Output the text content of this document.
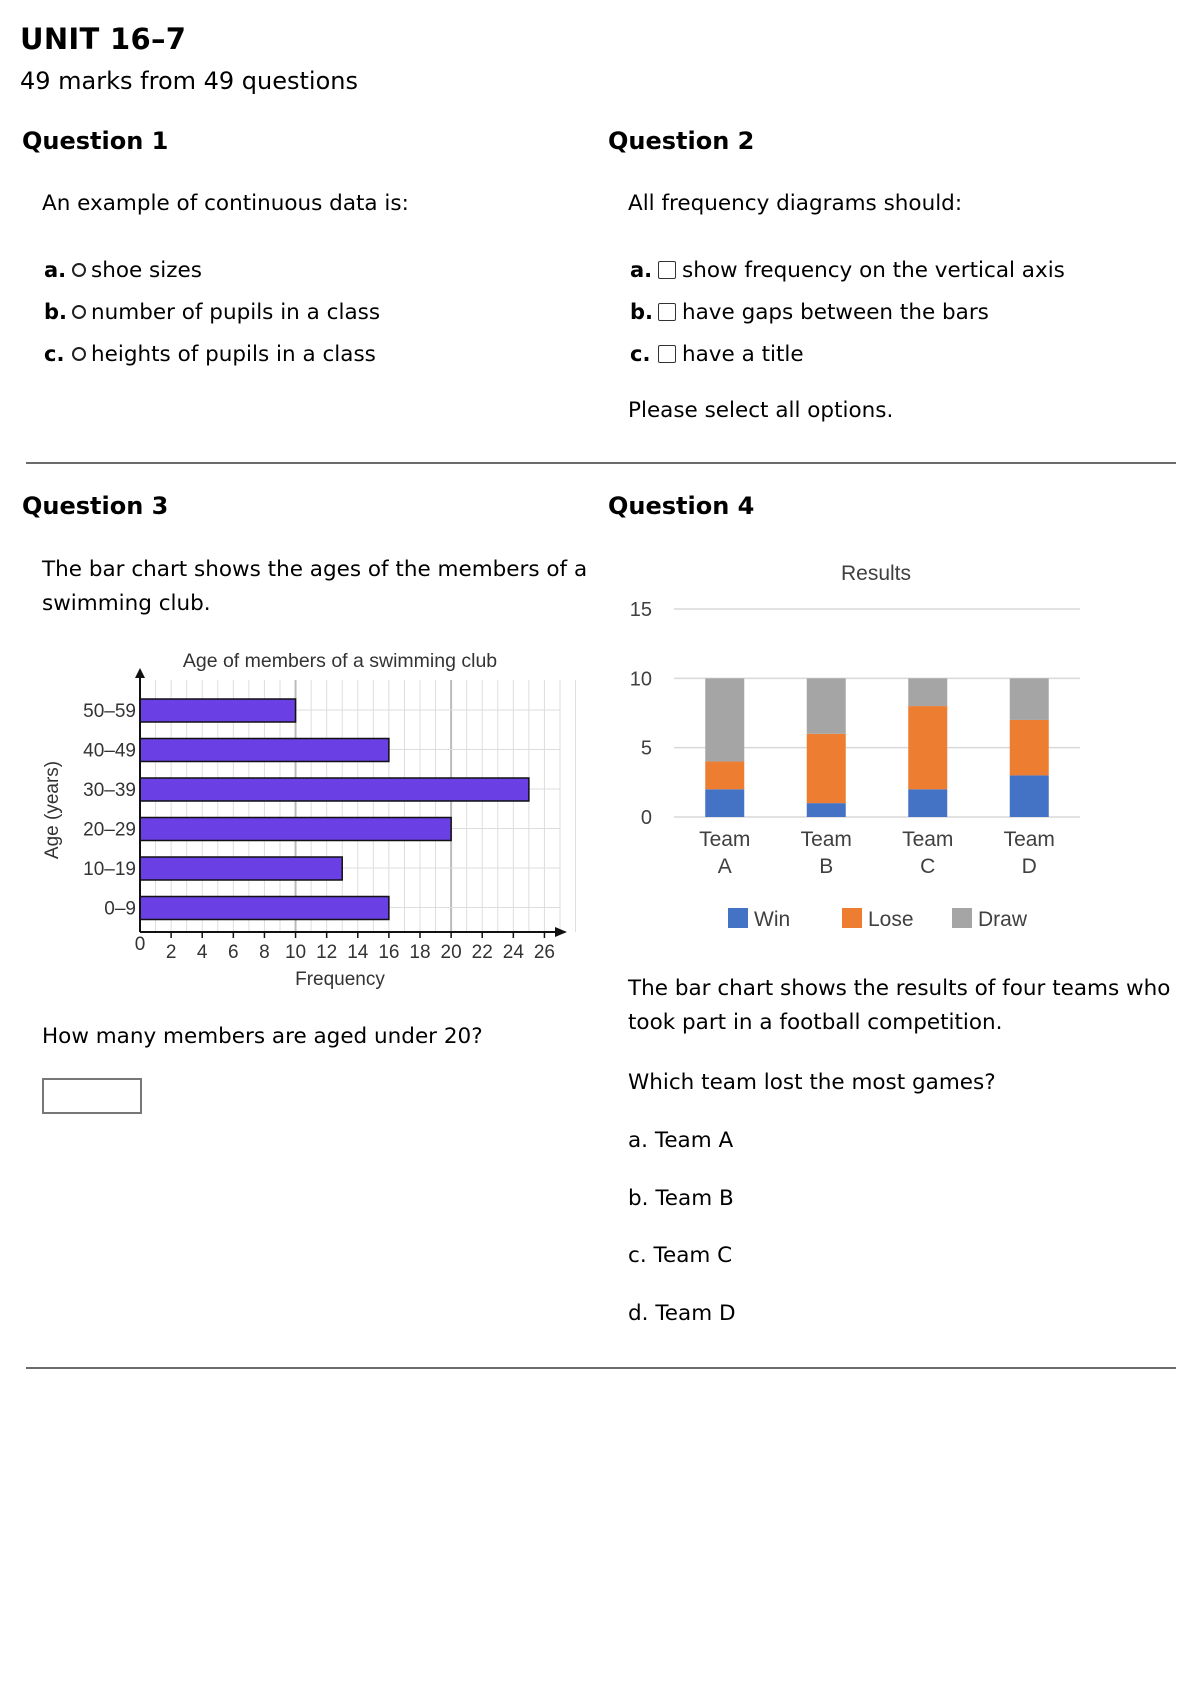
UNIT 16–7
49 marks from 49 questions
Question 1
An example of continuous data is:
a. shoe sizes
b. number of pupils in a class
c.	heights of pupils in a class
Question 2
All frequency diagrams should:
a. show frequency on the vertical axis
b. have gaps between the bars
c.	have a title
Please select all options.
Question 3
The bar chart shows the ages of the members of a
swimming club.
Age of members of a swimming club
50–59
40–49
30–39
20–29
10–19
0–9
0 2 4 6 8 10 12 14 16 18 20 22 24 26
Frequency
Age (years)
How many members are aged under 20?
Question 4
Results
0
5
10
15
Team
A
Team
B
Team
C
Team
D
Win	Lose	Draw
The bar chart shows the results of four teams who
took part in a football competition.
Which team lost the most games?
a. Team A
b. Team B
c. Team C
d. Team D
